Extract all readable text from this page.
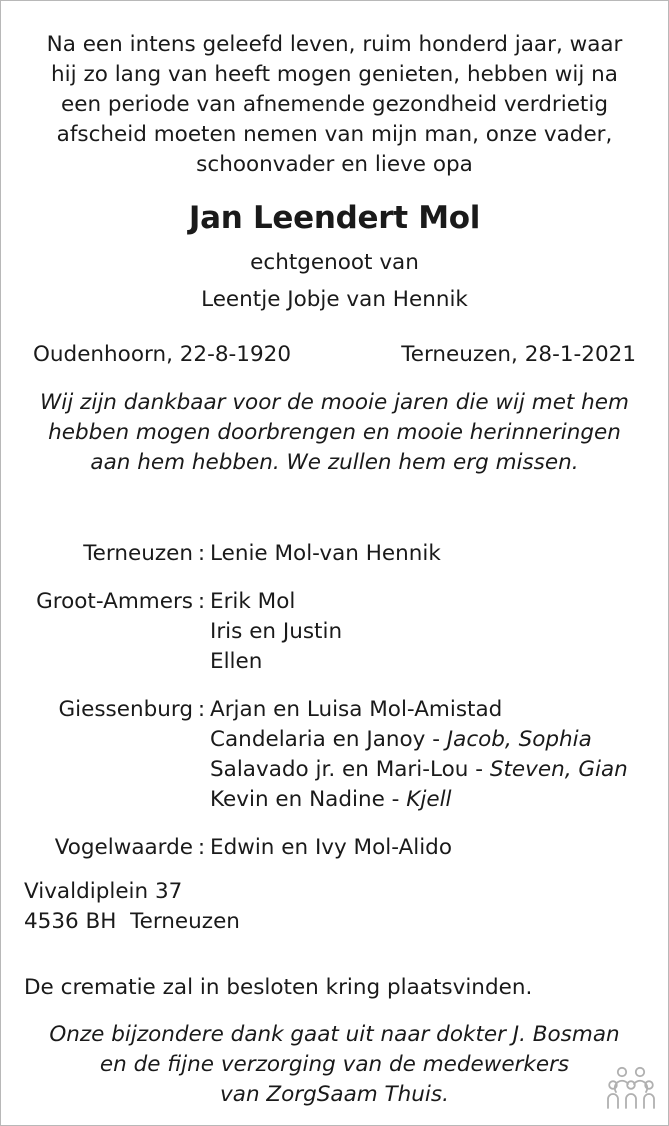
Na een intens geleefd leven, ruim honderd jaar, waar
hij zo lang van heeft mogen genieten, hebben wij na
een periode van afnemende gezondheid verdrietig
afscheid moeten nemen van mijn man, onze vader,
schoonvader en lieve opa
Jan Leendert Mol
echtgenoot van
Leentje Jobje van Hennik
Oudenhoorn, 22-8-1920	Terneuzen, 28-1-2021
Wij zijn dankbaar voor de mooie jaren die wij met hem
hebben mogen doorbrengen en mooie herinneringen
aan hem hebben. We zullen hem erg missen.
Terneuzen : Lenie Mol-van Hennik
Groot-Ammers : Erik Mol
Iris en Justin
Ellen
Giessenburg : Arjan en Luisa Mol-Amistad
Candelaria en Janoy - Jacob, Sophia
Salavado jr. en Mari-Lou - Steven, Gian
Kevin en Nadine - Kjell
Vogelwaarde : Edwin en Ivy Mol-Alido
Vivaldiplein 37
4536 BH  Terneuzen
De crematie zal in besloten kring plaatsvinden.
Onze bijzondere dank gaat uit naar dokter J. Bosman
en de fijne verzorging van de medewerkers
van ZorgSaam Thuis.
